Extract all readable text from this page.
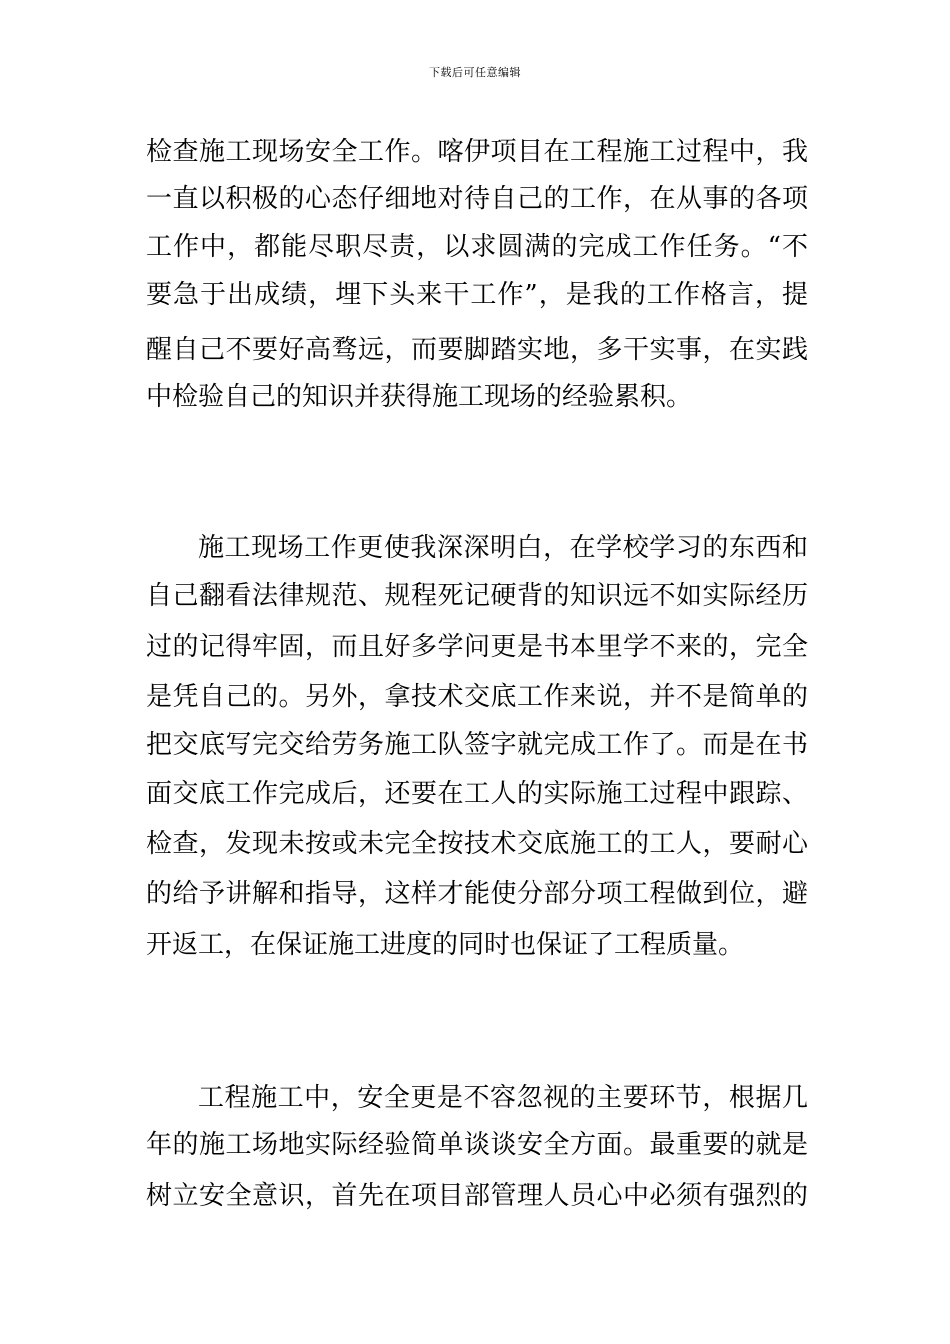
下载后可任意编辑
检查施工现场安全工作。喀伊项目在工程施工过程中，我
一直以积极的心态仔细地对待自己的工作，在从事的各项
工作中，都能尽职尽责，以求圆满的完成工作任务。“不
要急于出成绩，埋下头来干工作”，是我的工作格言，提
醒自己不要好高骛远，而要脚踏实地，多干实事，在实践
中检验自己的知识并获得施工现场的经验累积。
施工现场工作更使我深深明白，在学校学习的东西和
自己翻看法律规范、规程死记硬背的知识远不如实际经历
过的记得牢固，而且好多学问更是书本里学不来的，完全
是凭自己的。另外，拿技术交底工作来说，并不是简单的
把交底写完交给劳务施工队签字就完成工作了。而是在书
面交底工作完成后，还要在工人的实际施工过程中跟踪、
检查，发现未按或未完全按技术交底施工的工人，要耐心
的给予讲解和指导，这样才能使分部分项工程做到位，避
开返工，在保证施工进度的同时也保证了工程质量。
工程施工中，安全更是不容忽视的主要环节，根据几
年的施工场地实际经验简单谈谈安全方面。最重要的就是
树立安全意识，首先在项目部管理人员心中必须有强烈的
